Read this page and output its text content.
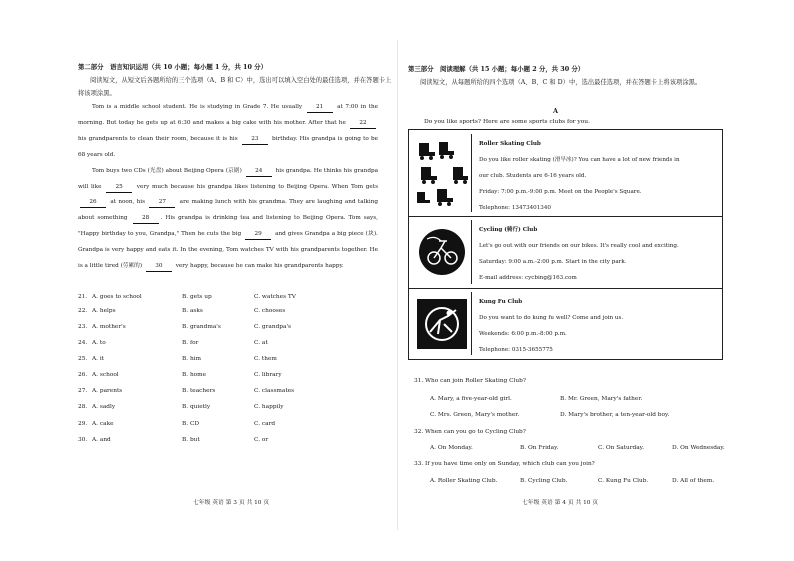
第二部分　语言知识运用（共 10 小题；每小题 1 分，共 10 分）
阅读短文，从短文后各题所给的三个选项（A、B 和 C）中，选出可以填入空白处的最佳选项，并在答题卡上将该项涂黑。
Tom is a middle school student. He is studying in Grade 7. He usually 21 at 7:00 in the morning. But today he gets up at 6:30 and makes a big cake with his mother. After that he 22 his grandparents to clean their room, because it is his 23 birthday. His grandpa is going to be 68 years old.
Tom buys two CDs (光盘) about Beijing Opera (京剧) 24 his grandpa. He thinks his grandpa will like 25 very much because his grandpa likes listening to Beijing Opera. When Tom gets 26 at noon, his 27 are making lunch with his grandma. They are laughing and talking about something 28 . His grandpa is drinking tea and listening to Beijing Opera. Tom says, "Happy birthday to you, Grandpa," Then he cuts the big 29 and gives Grandpa a big piece (块). Grandpa is very happy and eats it. In the evening, Tom watches TV with his grandparents together. He is a little tired (劳累的) 30 very happy, because he can make his grandparents happy.
21. A. goes to school	B. gets up	C. watches TV
22. A. helps	B. asks	C. chooses
23. A. mother's	B. grandma's	C. grandpa's
24. A. to	B. for	C. at
25. A. it	B. him	C. them
26. A. school	B. home	C. library
27. A. parents	B. teachers	C. classmates
28. A. sadly	B. quietly	C. happily
29. A. cake	B. CD	C. card
30. A. and	B. but	C. or
七年级 英语 第 3 页 共 10 页
第三部分　阅读理解（共 15 小题；每小题 2 分，共 30 分）
阅读短文，从每题所给的四个选项（A、B、C 和 D）中，选出最佳选项，并在答题卡上将该项涂黑。
A
Do you like sports? Here are some sports clubs for you.
Roller Skating Club
Do you like roller skating (滑旱冰)? You can have a lot of new friends in
our club. Students are 6-16 years old.
Friday: 7:00 p.m.-9:00 p.m. Meet on the People's Square.
Telephone: 13473401340
Cycling (骑行) Club
Let's go out with our friends on our bikes. It's really cool and exciting.
Saturday: 9:00 a.m.-2:00 p.m. Start in the city park.
E-mail address: cycbing@163.com
Kung Fu Club
Do you want to do kung fu well? Come and join us.
Weekends: 6:00 p.m.-8:00 p.m.
Telephone: 0315-3655775
31. Who can join Roller Skating Club?
A. Mary, a five-year-old girl.	B. Mr. Green, Mary's father.
C. Mrs. Green, Mary's mother.	D. Mary's brother, a ten-year-old boy.
32. When can you go to Cycling Club?
A. On Monday.	B. On Friday.	C. On Saturday.	D. On Wednesday.
33. If you have time only on Sunday, which club can you join?
A. Roller Skating Club.	B. Cycling Club.	C. Kung Fu Club.	D. All of them.
七年级 英语 第 4 页 共 10 页
